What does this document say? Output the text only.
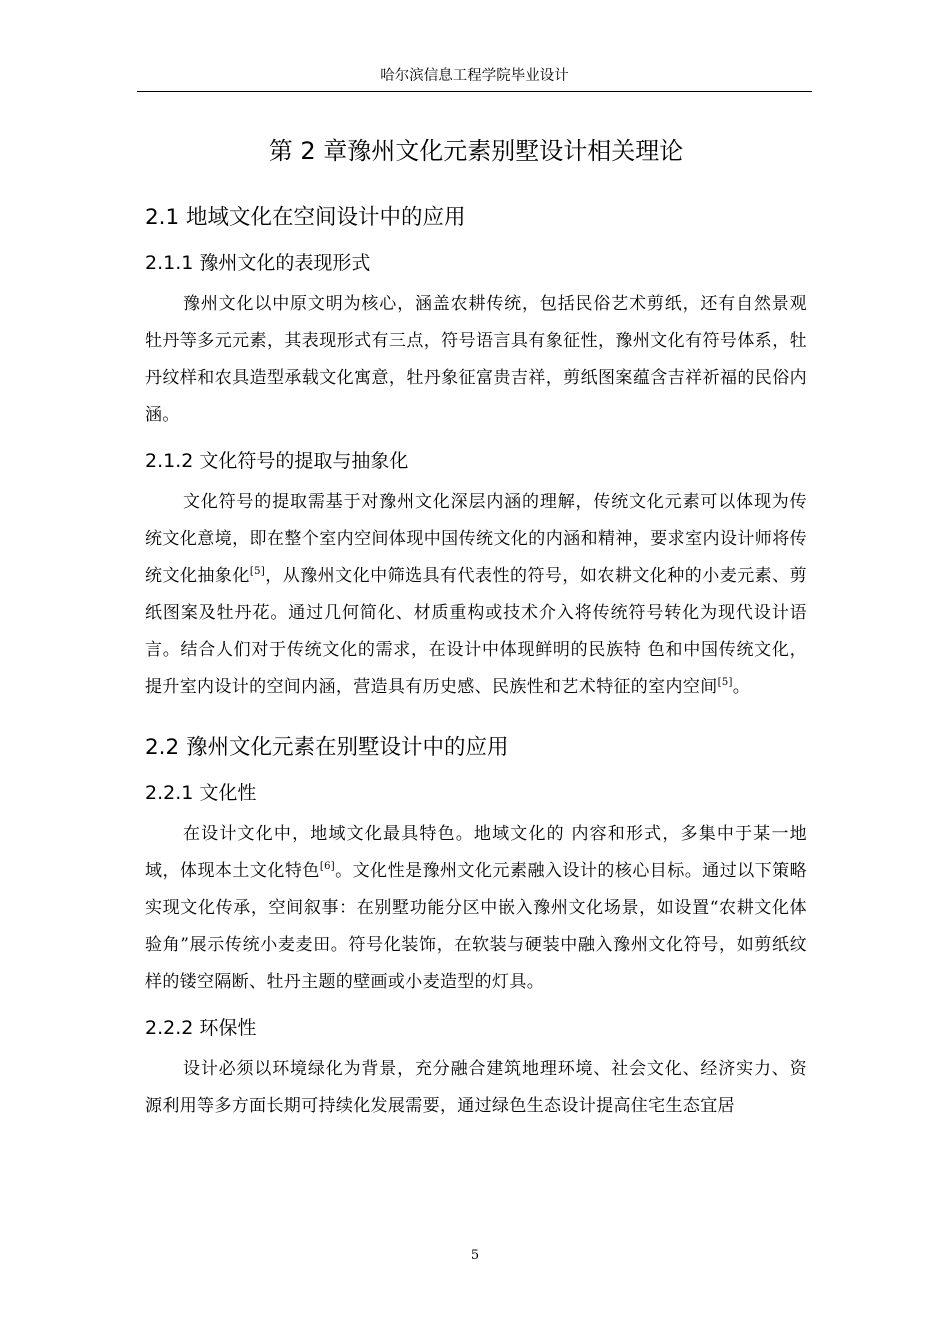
哈尔滨信息工程学院毕业设计
第 2 章豫州文化元素别墅设计相关理论
2.1 地域文化在空间设计中的应用
2.1.1 豫州文化的表现形式

豫州文化以中原文明为核心，涵盖农耕传统，包括民俗艺术剪纸，还有自然景观牡丹等多元元素，其表现形式有三点，符号语言具有象征性，豫州文化有符号体系，牡丹纹样和农具造型承载文化寓意，牡丹象征富贵吉祥，剪纸图案蕴含吉祥祈福的民俗内涵。

2.1.2 文化符号的提取与抽象化

文化符号的提取需基于对豫州文化深层内涵的理解，传统文化元素可以体现为传统文化意境，即在整个室内空间体现中国传统文化的内涵和精神，要求室内设计师将传统文化抽象化[5]，从豫州文化中筛选具有代表性的符号，如农耕文化种的小麦元素、剪纸图案及牡丹花。通过几何简化、材质重构或技术介入将传统符号转化为现代设计语言。结合人们对于传统文化的需求，在设计中体现鲜明的民族特 色和中国传统文化，提升室内设计的空间内涵，营造具有历史感、民族性和艺术特征的室内空间[5]。

2.2 豫州文化元素在别墅设计中的应用
2.2.1 文化性

在设计文化中，地域文化最具特色。地域文化的 内容和形式，多集中于某一地域，体现本土文化特色[6]。文化性是豫州文化元素融入设计的核心目标。通过以下策略实现文化传承，空间叙事：在别墅功能分区中嵌入豫州文化场景，如设置“农耕文化体验角”展示传统小麦麦田。符号化装饰，在软装与硬装中融入豫州文化符号，如剪纸纹样的镂空隔断、牡丹主题的壁画或小麦造型的灯具。

2.2.2 环保性

设计必须以环境绿化为背景，充分融合建筑地理环境、社会文化、经济实力、资源利用等多方面长期可持续化发展需要，通过绿色生态设计提高住宅生态宜居

5
